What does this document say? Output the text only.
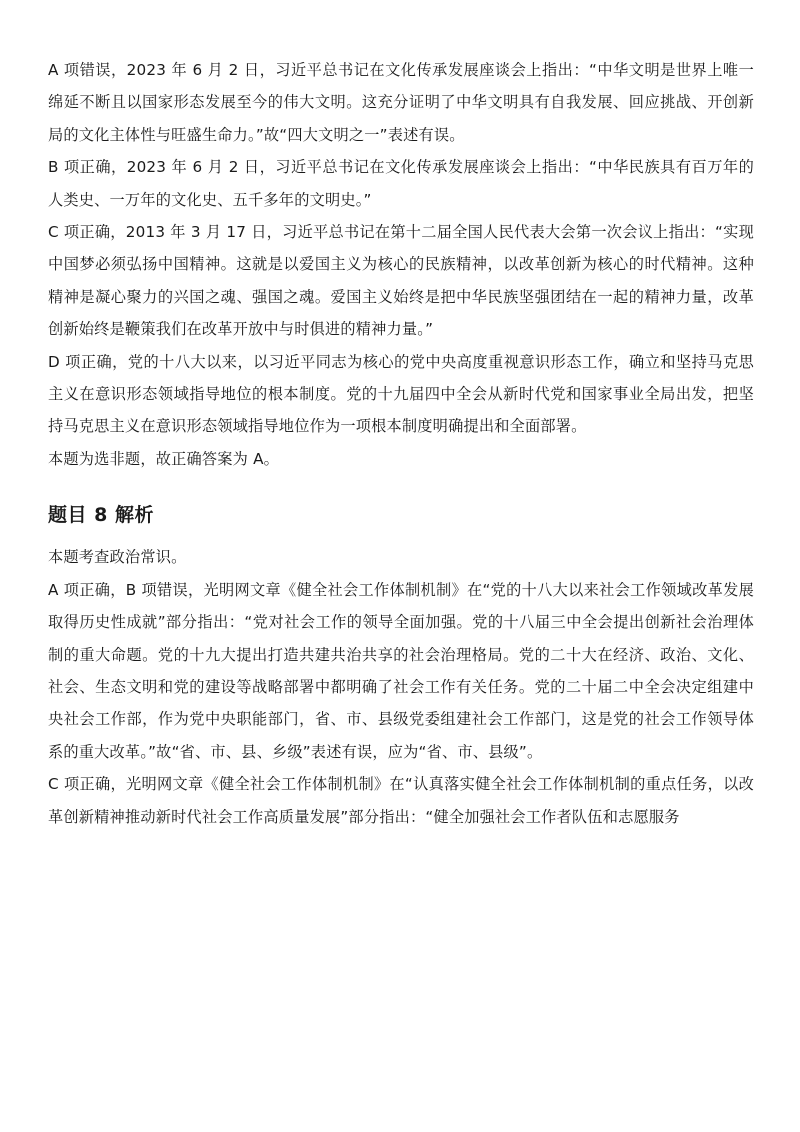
A 项错误，2023 年 6 月 2 日，习近平总书记在文化传承发展座谈会上指出：“中华文明是世界上唯一绵延不断且以国家形态发展至今的伟大文明。这充分证明了中华文明具有自我发展、回应挑战、开创新局的文化主体性与旺盛生命力。”故“四大文明之一”表述有误。

B 项正确，2023 年 6 月 2 日，习近平总书记在文化传承发展座谈会上指出：“中华民族具有百万年的人类史、一万年的文化史、五千多年的文明史。”

C 项正确，2013 年 3 月 17 日，习近平总书记在第十二届全国人民代表大会第一次会议上指出：“实现中国梦必须弘扬中国精神。这就是以爱国主义为核心的民族精神，以改革创新为核心的时代精神。这种精神是凝心聚力的兴国之魂、强国之魂。爱国主义始终是把中华民族坚强团结在一起的精神力量，改革创新始终是鞭策我们在改革开放中与时俱进的精神力量。”

D 项正确，党的十八大以来，以习近平同志为核心的党中央高度重视意识形态工作，确立和坚持马克思主义在意识形态领域指导地位的根本制度。党的十九届四中全会从新时代党和国家事业全局出发，把坚持马克思主义在意识形态领域指导地位作为一项根本制度明确提出和全面部署。

本题为选非题，故正确答案为 A。

题目 8 解析

本题考查政治常识。

A 项正确，B 项错误，光明网文章《健全社会工作体制机制》在“党的十八大以来社会工作领域改革发展取得历史性成就”部分指出：“党对社会工作的领导全面加强。党的十八届三中全会提出创新社会治理体制的重大命题。党的十九大提出打造共建共治共享的社会治理格局。党的二十大在经济、政治、文化、社会、生态文明和党的建设等战略部署中都明确了社会工作有关任务。党的二十届二中全会决定组建中央社会工作部，作为党中央职能部门，省、市、县级党委组建社会工作部门，这是党的社会工作领导体系的重大改革。”故“省、市、县、乡级”表述有误，应为“省、市、县级”。

C 项正确，光明网文章《健全社会工作体制机制》在“认真落实健全社会工作体制机制的重点任务，以改革创新精神推动新时代社会工作高质量发展”部分指出：“健全加强社会工作者队伍和志愿服务
